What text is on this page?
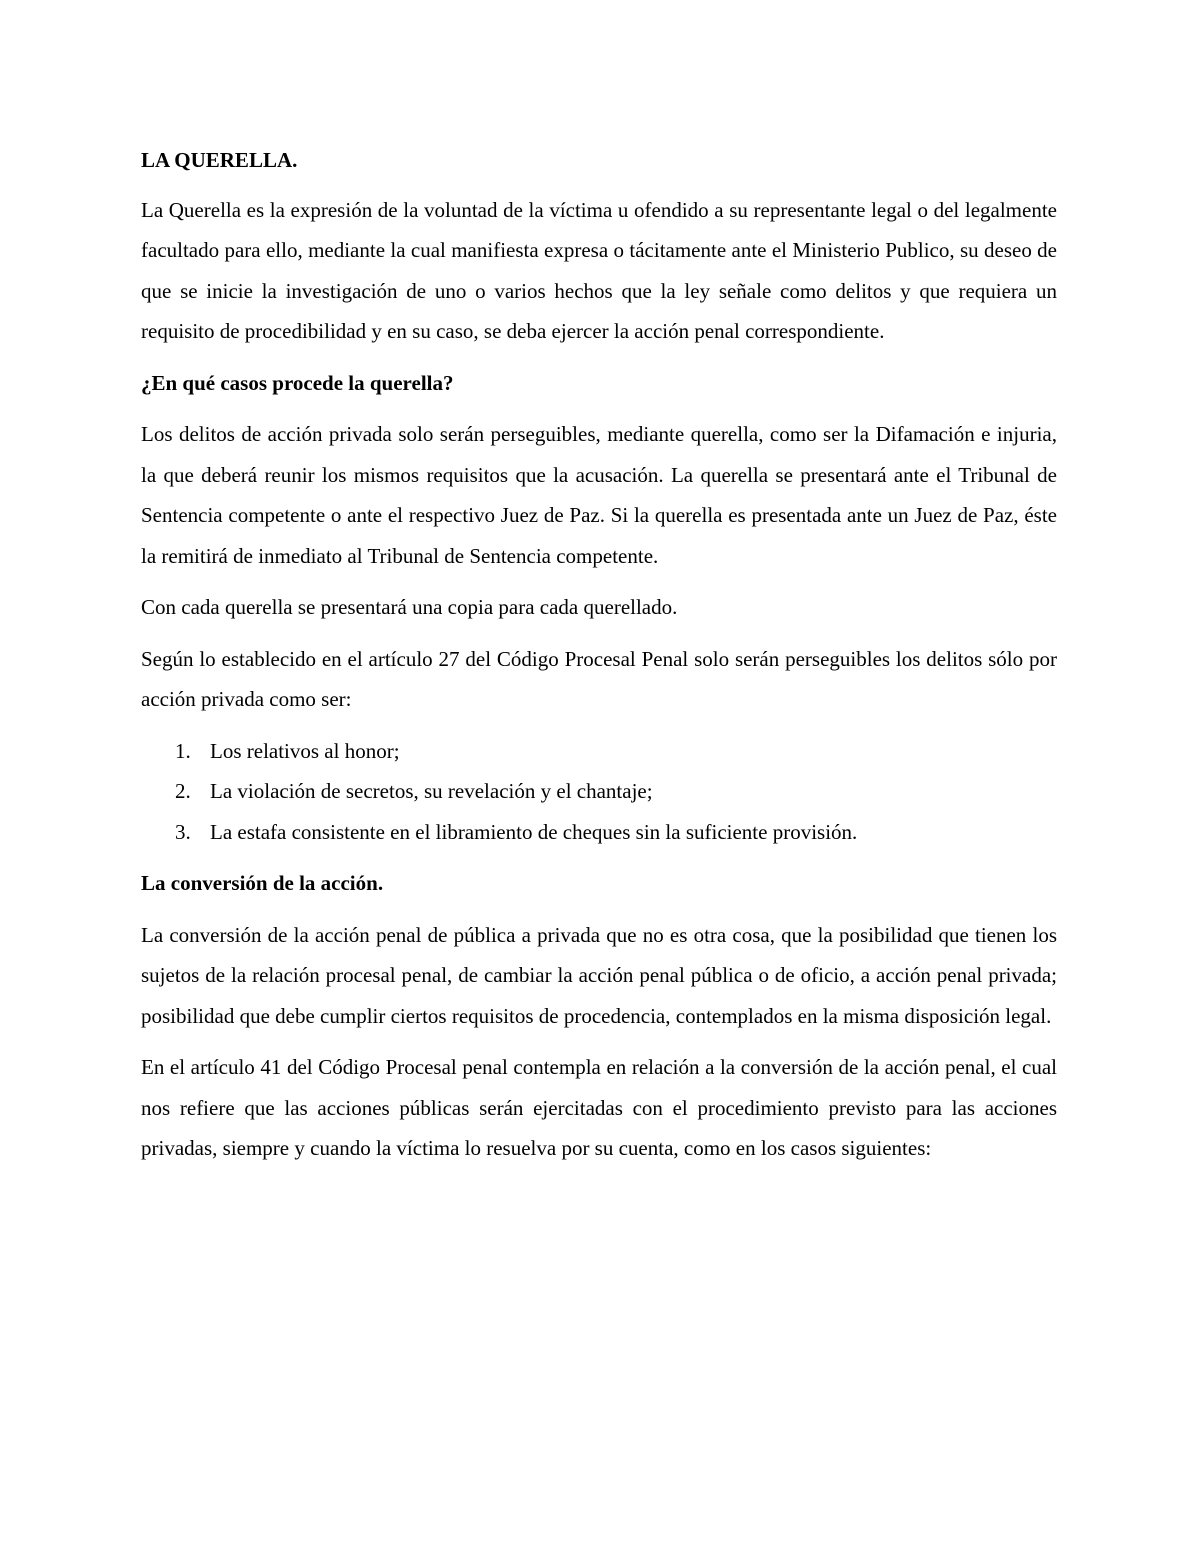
LA QUERELLA.
La Querella es la expresión de la voluntad de la víctima u ofendido a su representante legal o del legalmente facultado para ello, mediante la cual manifiesta expresa o tácitamente ante el Ministerio Publico, su deseo de que se inicie la investigación de uno o varios hechos que la ley señale como delitos y que requiera un requisito de procedibilidad y en su caso, se deba ejercer la acción penal correspondiente.
¿En qué casos procede la querella?
Los delitos de acción privada solo serán perseguibles, mediante querella, como ser la Difamación e injuria, la que deberá reunir los mismos requisitos que la acusación. La querella se presentará ante el Tribunal de Sentencia competente o ante el respectivo Juez de Paz. Si la querella es presentada ante un Juez de Paz, éste la remitirá de inmediato al Tribunal de Sentencia competente.
Con cada querella se presentará una copia para cada querellado.
Según lo establecido en el artículo 27 del Código Procesal Penal solo serán perseguibles los delitos sólo por acción privada como ser:
1. Los relativos al honor;
2. La violación de secretos, su revelación y el chantaje;
3. La estafa consistente en el libramiento de cheques sin la suficiente provisión.
La conversión de la acción.
La conversión de la acción penal de pública a privada que no es otra cosa, que la posibilidad que tienen los sujetos de la relación procesal penal, de cambiar la acción penal pública o de oficio, a acción penal privada; posibilidad que debe cumplir ciertos requisitos de procedencia, contemplados en la misma disposición legal.
En el artículo 41 del Código Procesal penal contempla en relación a la conversión de la acción penal, el cual nos refiere que las acciones públicas serán ejercitadas con el procedimiento previsto para las acciones privadas, siempre y cuando la víctima lo resuelva por su cuenta, como en los casos siguientes:
